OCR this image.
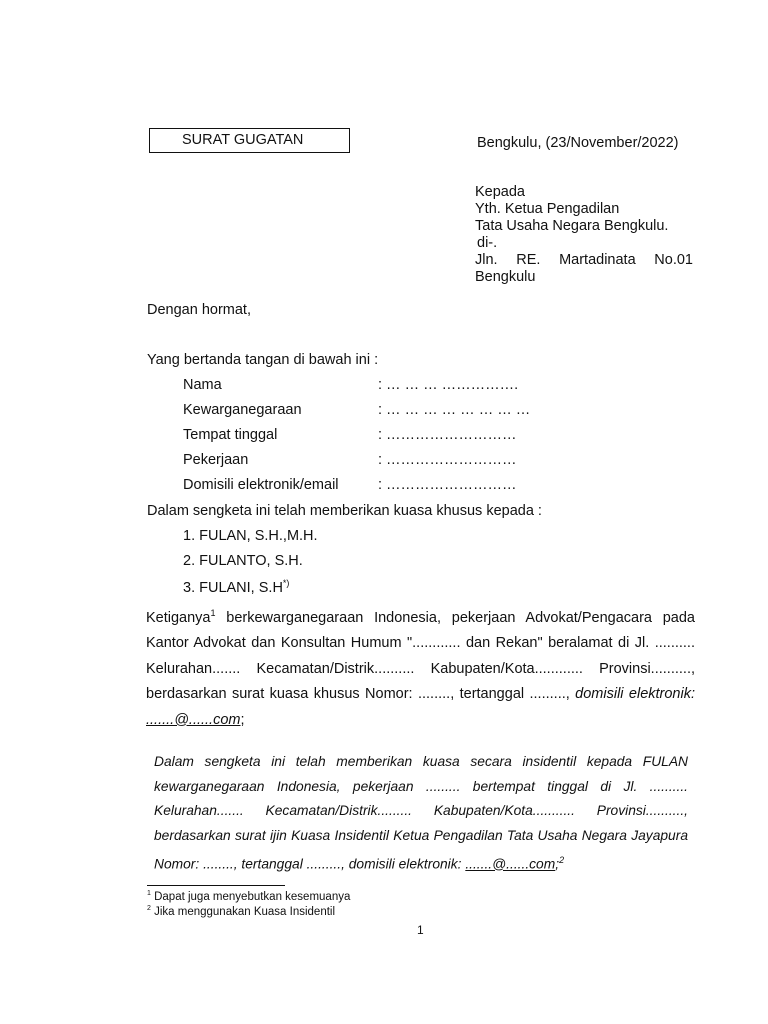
SURAT GUGATAN	Bengkulu, (23/November/2022)
Kepada
Yth. Ketua Pengadilan
Tata Usaha Negara Bengkulu.
di-.
Jln. RE. Martadinata No.01
Bengkulu
Dengan hormat,
Yang bertanda tangan di bawah ini :
Nama	: … … … …………….
Kewarganegaraan	: … … … … … … … …
Tempat tinggal	: ………………………
Pekerjaan	: ………………………
Domisili elektronik/email	: ………………………
Dalam sengketa ini telah memberikan kuasa khusus kepada :
1. FULAN, S.H.,M.H.
2. FULANTO, S.H.
3. FULANI, S.H*)
Ketiganya$^1$ berkewarganegaraan Indonesia, pekerjaan Advokat/Pengacara pada Kantor Advokat dan Konsultan Humum "............ dan Rekan" beralamat di Jl. .......... Kelurahan....... Kecamatan/Distrik.......... Kabupaten/Kota............ Provinsi.........., berdasarkan surat kuasa khusus Nomor: ........, tertanggal ........., domisili elektronik: .......@......com;
Dalam sengketa ini telah memberikan kuasa secara insidentil kepada FULAN kewarganegaraan Indonesia, pekerjaan ......... bertempat tinggal di Jl. .......... Kelurahan....... Kecamatan/Distrik......... Kabupaten/Kota........... Provinsi.........., berdasarkan surat ijin Kuasa Insidentil Ketua Pengadilan Tata Usaha Negara Jayapura Nomor: ........, tertanggal ........., domisili elektronik: .......@......com;$^2$
$^1$ Dapat juga menyebutkan kesemuanya
$^2$ Jika menggunakan Kuasa Insidentil
1
